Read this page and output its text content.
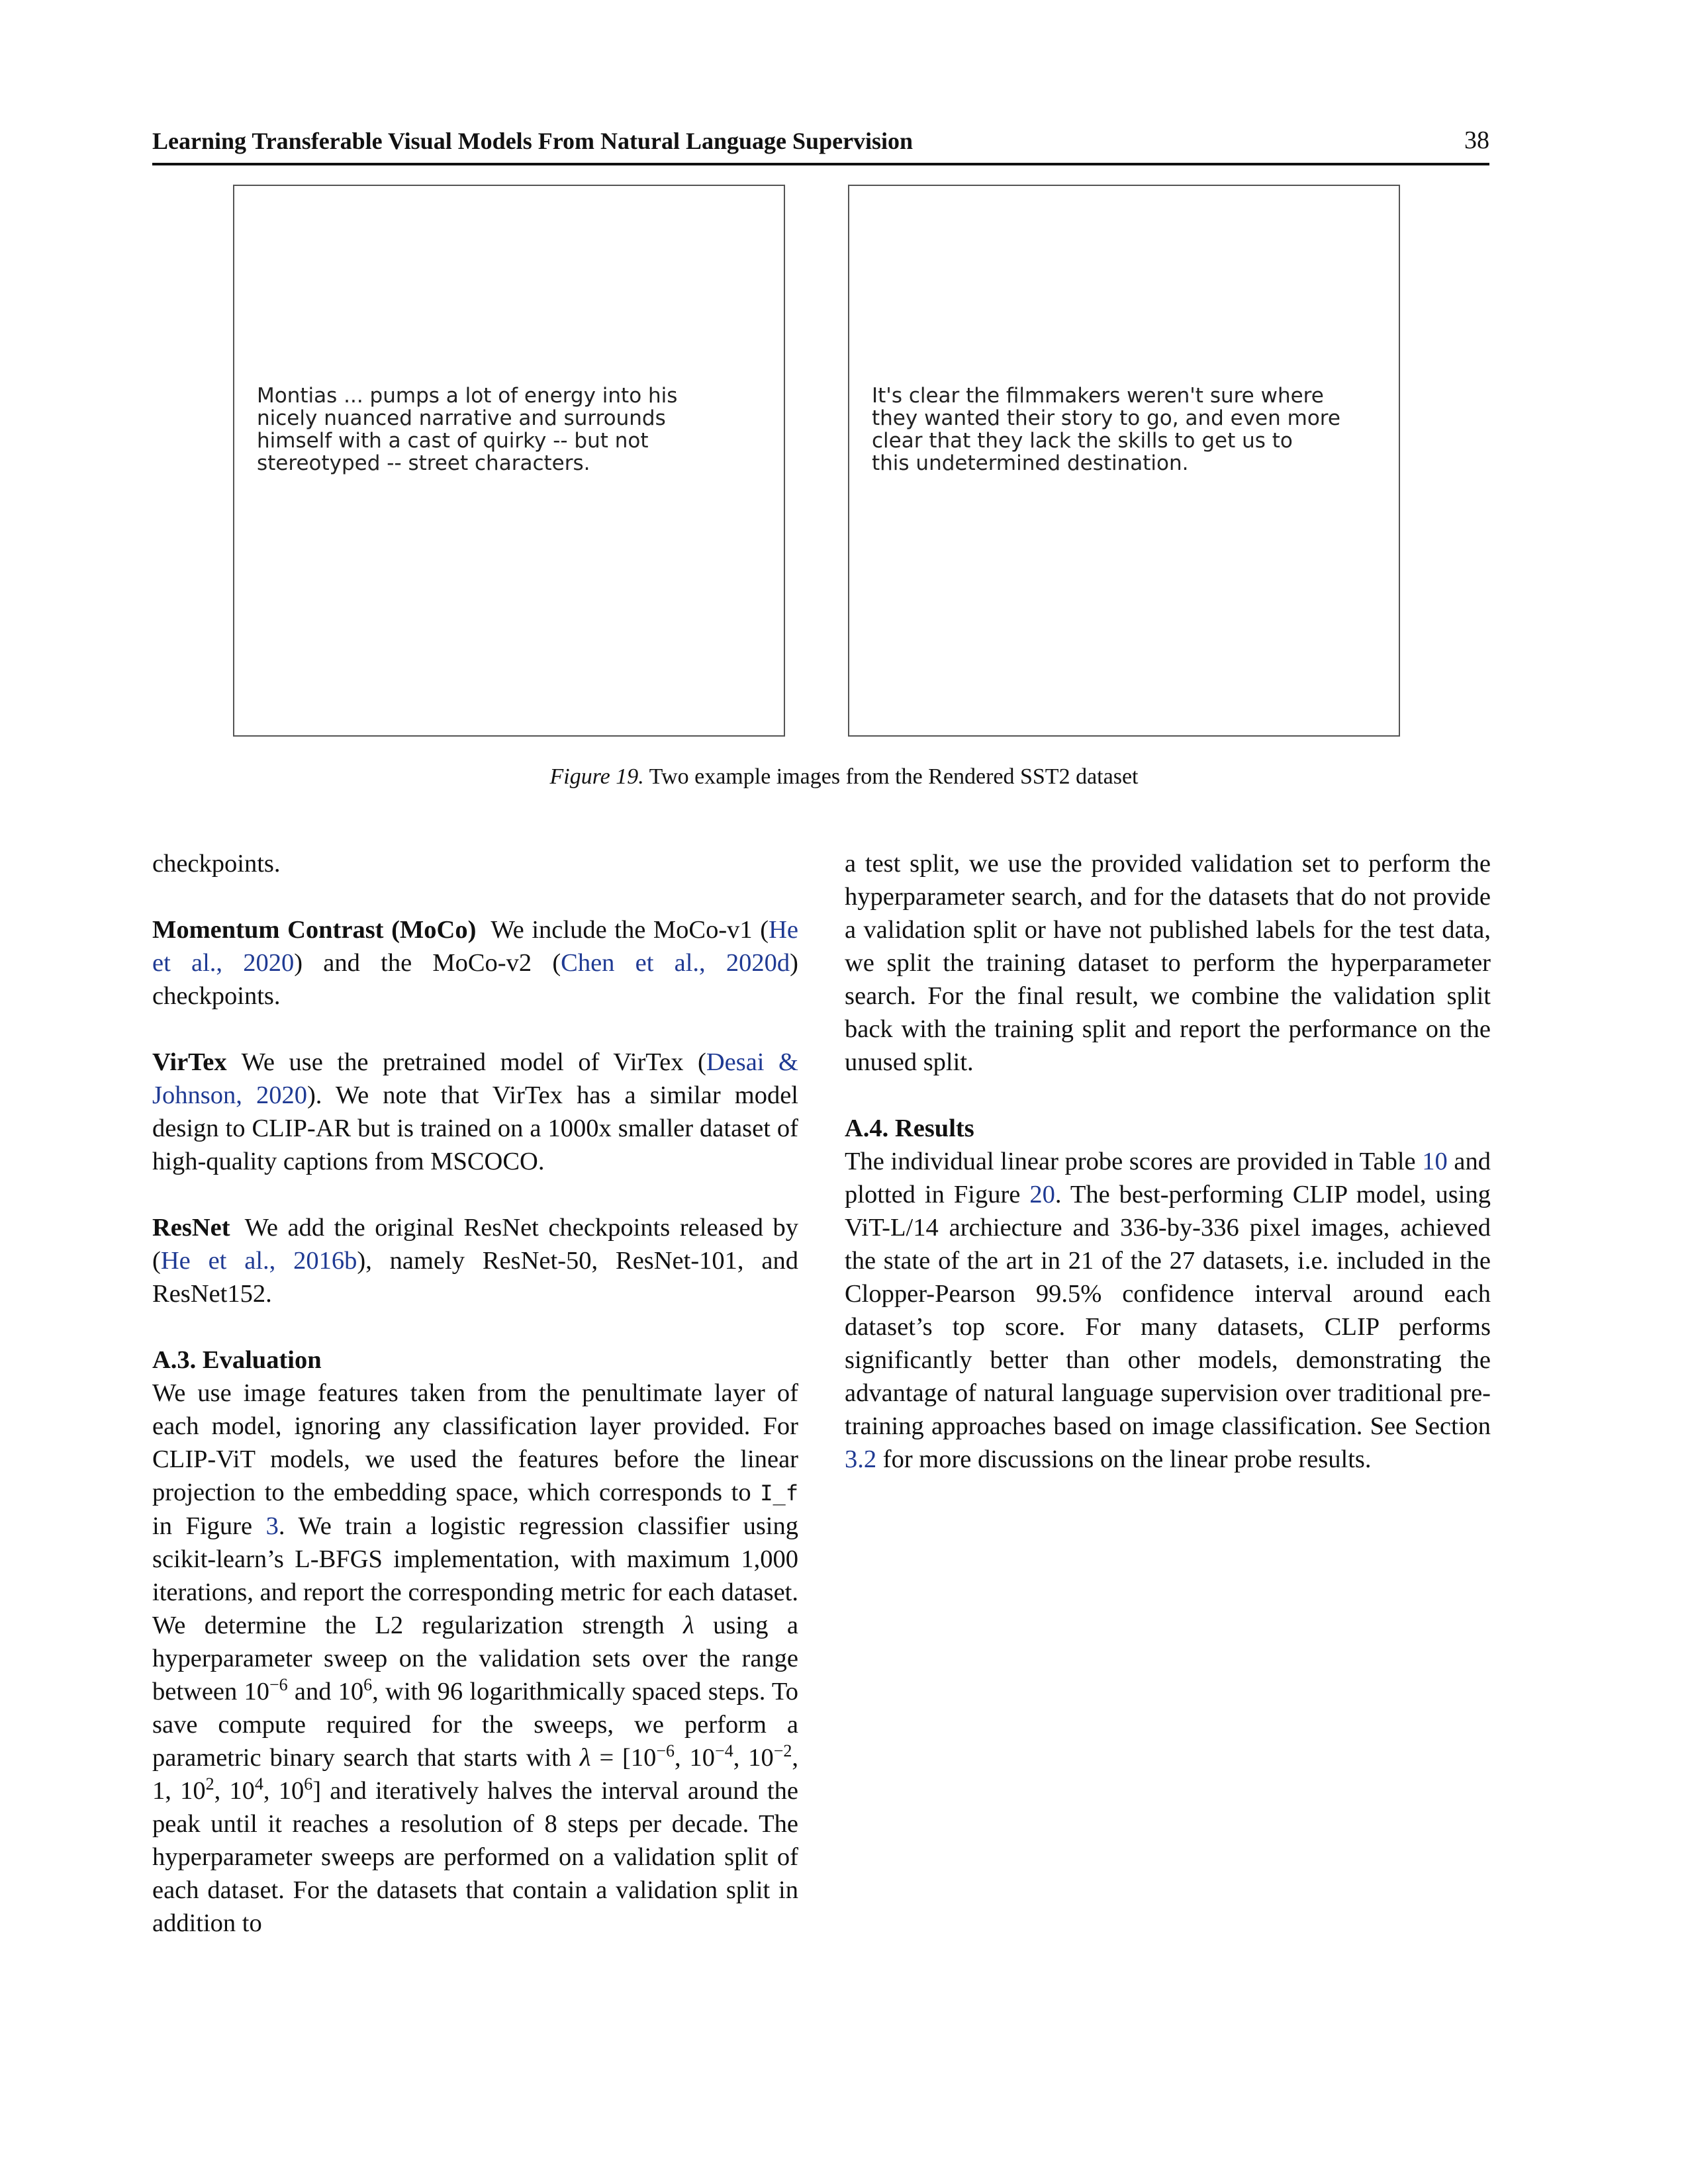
Learning Transferable Visual Models From Natural Language Supervision	38
Montias ... pumps a lot of energy into his
nicely nuanced narrative and surrounds
himself with a cast of quirky -- but not
stereotyped -- street characters.
It's clear the filmmakers weren't sure where
they wanted their story to go, and even more
clear that they lack the skills to get us to
this undetermined destination.
Figure 19. Two example images from the Rendered SST2 dataset

checkpoints.

Momentum Contrast (MoCo) We include the MoCo-v1 (He et al., 2020) and the MoCo-v2 (Chen et al., 2020d) checkpoints.

VirTex We use the pretrained model of VirTex (Desai & Johnson, 2020). We note that VirTex has a similar model design to CLIP-AR but is trained on a 1000x smaller dataset of high-quality captions from MSCOCO.

ResNet We add the original ResNet checkpoints released by (He et al., 2016b), namely ResNet-50, ResNet-101, and ResNet152.

A.3. Evaluation

We use image features taken from the penultimate layer of each model, ignoring any classification layer provided. For CLIP-ViT models, we used the features before the linear projection to the embedding space, which corresponds to I_f in Figure 3. We train a logistic regression classifier using scikit-learn’s L-BFGS implementation, with maximum 1,000 iterations, and report the corresponding metric for each dataset. We determine the L2 regularization strength λ using a hyperparameter sweep on the validation sets over the range between $10^{-6}$ and $10^6$, with 96 logarithmically spaced steps. To save compute required for the sweeps, we perform a parametric binary search that starts with $\lambda = [10^{-6}$, $10^{-4}$, $10^{-2}$, 1, $10^2$, $10^4$, $10^6$] and iteratively halves the interval around the peak until it reaches a resolution of 8 steps per decade. The hyperparameter sweeps are performed on a validation split of each dataset. For the datasets that contain a validation split in addition to

a test split, we use the provided validation set to perform the hyperparameter search, and for the datasets that do not provide a validation split or have not published labels for the test data, we split the training dataset to perform the hyperparameter search. For the final result, we combine the validation split back with the training split and report the performance on the unused split.

A.4. Results

The individual linear probe scores are provided in Table 10 and plotted in Figure 20. The best-performing CLIP model, using ViT-L/14 archiecture and 336-by-336 pixel images, achieved the state of the art in 21 of the 27 datasets, i.e. included in the Clopper-Pearson 99.5% confidence interval around each dataset’s top score. For many datasets, CLIP performs significantly better than other models, demonstrating the advantage of natural language supervision over traditional pre-training approaches based on image classification. See Section 3.2 for more discussions on the linear probe results.
